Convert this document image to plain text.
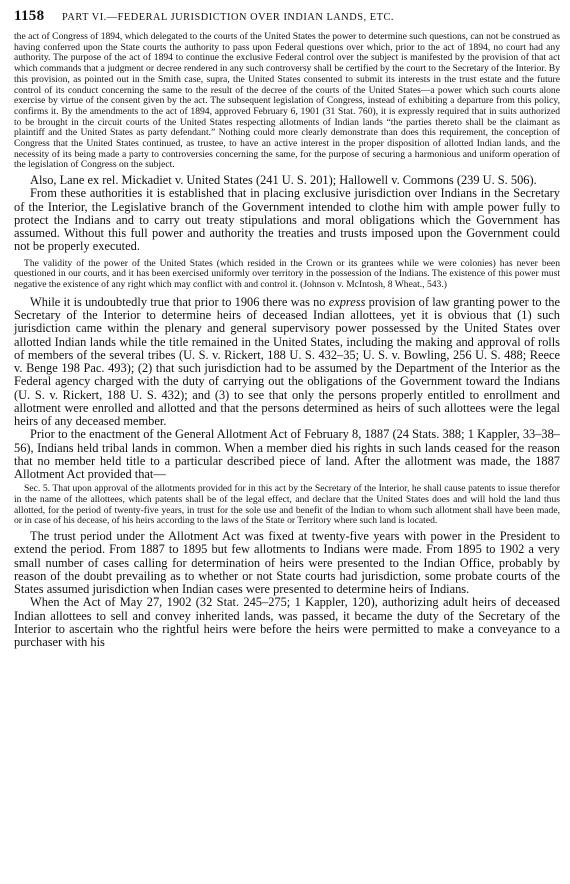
1158	PART VI.—FEDERAL JURISDICTION OVER INDIAN LANDS, ETC.

the act of Congress of 1894, which delegated to the courts of the United States the power to determine such questions, can not be construed as having conferred upon the State courts the authority to pass upon Federal questions over which, prior to the act of 1894, no court had any authority. The purpose of the act of 1894 to continue the exclusive Federal control over the subject is manifested by the provision of that act which commands that a judgment or decree rendered in any such controversy shall be certified by the court to the Secretary of the Interior. By this provision, as pointed out in the Smith case, supra, the United States consented to submit its interests in the trust estate and the future control of its conduct concerning the same to the result of the decree of the courts of the United States—a power which such courts alone exercise by virtue of the consent given by the act. The subsequent legislation of Congress, instead of exhibiting a departure from this policy, confirms it. By the amendments to the act of 1894, approved February 6, 1901 (31 Stat. 760), it is expressly required that in suits authorized to be brought in the circuit courts of the United States respecting allotments of Indian lands “the parties thereto shall be the claimant as plaintiff and the United States as party defendant.” Nothing could more clearly demonstrate than does this requirement, the conception of Congress that the United States continued, as trustee, to have an active interest in the proper disposition of allotted Indian lands, and the necessity of its being made a party to controversies concerning the same, for the purpose of securing a harmonious and uniform operation of the legislation of Congress on the subject.

Also, Lane ex rel. Mickadiet v. United States (241 U. S. 201); Hallowell v. Commons (239 U. S. 506).

From these authorities it is established that in placing exclusive jurisdiction over Indians in the Secretary of the Interior, the Legislative branch of the Government intended to clothe him with ample power fully to protect the Indians and to carry out treaty stipulations and moral obligations which the Government has assumed. Without this full power and authority the treaties and trusts imposed upon the Government could not be properly executed.

The validity of the power of the United States (which resided in the Crown or its grantees while we were colonies) has never been questioned in our courts, and it has been exercised uniformly over territory in the possession of the Indians. The existence of this power must negative the existence of any right which may conflict with and control it. (Johnson v. McIntosh, 8 Wheat., 543.)

While it is undoubtedly true that prior to 1906 there was no express provision of law granting power to the Secretary of the Interior to determine heirs of deceased Indian allottees, yet it is obvious that (1) such jurisdiction came within the plenary and general supervisory power possessed by the United States over allotted Indian lands while the title remained in the United States, including the making and approval of rolls of members of the several tribes (U. S. v. Rickert, 188 U. S. 432–35; U. S. v. Bowling, 256 U. S. 488; Reece v. Benge 198 Pac. 493); (2) that such jurisdiction had to be assumed by the Department of the Interior as the Federal agency charged with the duty of carrying out the obligations of the Government toward the Indians (U. S. v. Rickert, 188 U. S. 432); and (3) to see that only the persons properly entitled to enrollment and allotment were enrolled and allotted and that the persons determined as heirs of such allottees were the legal heirs of any deceased member.

Prior to the enactment of the General Allotment Act of February 8, 1887 (24 Stats. 388; 1 Kappler, 33–38–56), Indians held tribal lands in common. When a member died his rights in such lands ceased for the reason that no member held title to a particular described piece of land. After the allotment was made, the 1887 Allotment Act provided that—

Sec. 5. That upon approval of the allotments provided for in this act by the Secretary of the Interior, he shall cause patents to issue therefor in the name of the allottees, which patents shall be of the legal effect, and declare that the United States does and will hold the land thus allotted, for the period of twenty-five years, in trust for the sole use and benefit of the Indian to whom such allotment shall have been made, or in case of his decease, of his heirs according to the laws of the State or Territory where such land is located.

The trust period under the Allotment Act was fixed at twenty-five years with power in the President to extend the period. From 1887 to 1895 but few allotments to Indians were made. From 1895 to 1902 a very small number of cases calling for determination of heirs were presented to the Indian Office, probably by reason of the doubt prevailing as to whether or not State courts had jurisdiction, some probate courts of the States assumed jurisdiction when Indian cases were presented to determine heirs of Indians.

When the Act of May 27, 1902 (32 Stat. 245–275; 1 Kappler, 120), authorizing adult heirs of deceased Indian allottees to sell and convey inherited lands, was passed, it became the duty of the Secretary of the Interior to ascertain who the rightful heirs were before the heirs were permitted to make a conveyance to a purchaser with his
